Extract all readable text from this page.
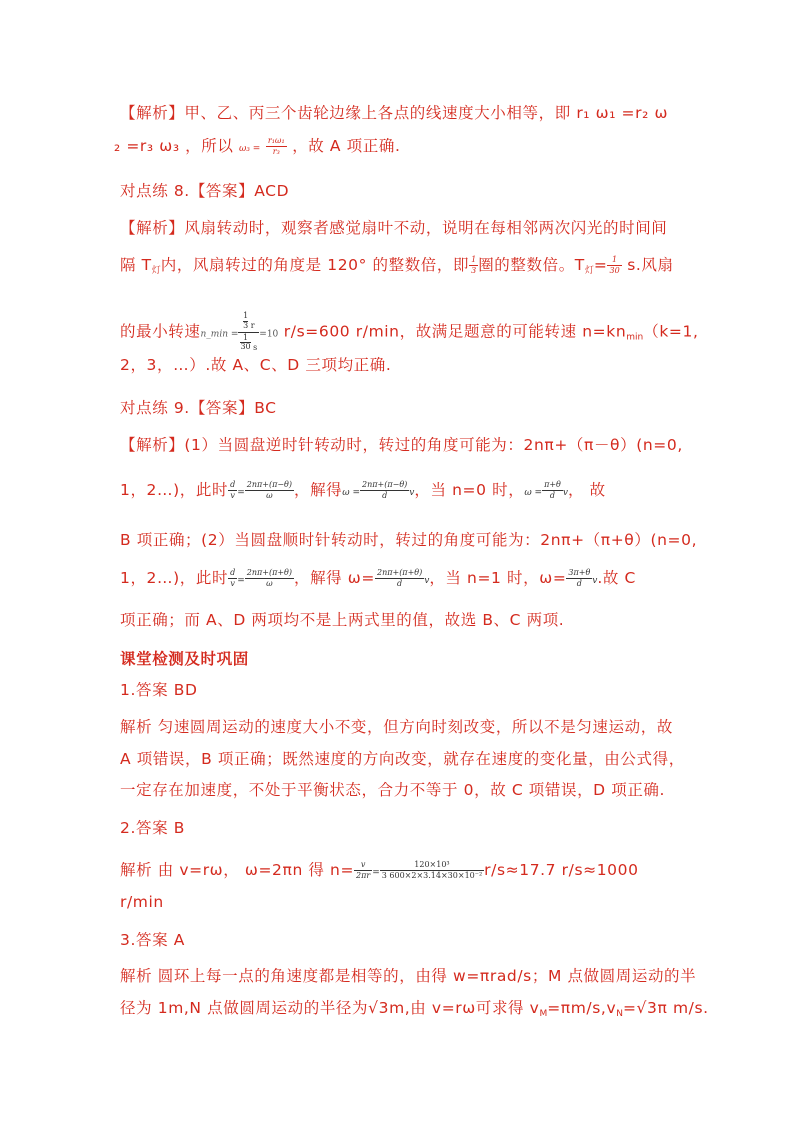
【解析】甲、乙、丙三个齿轮边缘上各点的线速度大小相等，即 r₁ ω₁ =r₂ ω
₂ =r₃ ω₃ ，所以 $\omega_3 = \frac{\text{r₁ω₁}}{\text{r₃}}$ ，故 A 项正确.
对点练 8.【答案】ACD
【解析】风扇转动时，观察者感觉扇叶不动，说明在每相邻两次闪光的时间间
隔 $T_灯$内，风扇转过的角度是 120° 的整数倍，即 $\frac{1}{3}$ 圈的整数倍。$T_灯= \frac{1}{30} s$.风扇
的最小转速n_min = $\frac{\frac{1}{3} r}{\frac{1}{30} s} =10$ r/s=600 r/min，故满足题意的可能转速 $n=kn_{min}(k=1$,
2，3，…）.故 A、C、D 三项均正确.
对点练 9.【答案】BC
【解析】(1）当圆盘逆时针转动时，转过的角度可能为：2nπ+（π－θ）(n=0,
1，2…)，此时 $\frac{d}{v} = \frac{2n\pi+(\pi-\theta)}{\omega}$ ，解得$\omega = \frac{2n\pi+(\pi-\theta)}{d}$ v，当 n=0 时，$\omega = \frac{\pi+\theta}{d}$ v， 故
B 项正确；(2）当圆盘顺时针转动时，转过的角度可能为：2nπ+（π+θ）(n=0,
1，2…)，此时 $\frac{d}{v} = \frac{2n\pi+(\pi+\theta)}{\omega}$ ，解得 $\omega= \frac{2n\pi+(\pi+\theta)}{d}$ v，当 n=1 时，$\omega= \frac{3\pi+\theta}{d} v$.故 C
项正确；而 A、D 两项均不是上两式里的值，故选 B、C 两项.
课堂检测及时巩固
1.答案 BD
解析 匀速圆周运动的速度大小不变，但方向时刻改变，所以不是匀速运动，故
A 项错误，B 项正确；既然速度的方向改变，就存在速度的变化量，由公式得，
一定存在加速度，不处于平衡状态，合力不等于 0，故 C 项错误，D 项正确.
2.答案 B
解析 由 v=rω， ω=2πn 得 $n= \frac{v}{2\pi r} = \frac{\text{120×10³}}{\text{3 600×2×3.14×30×10⁻²}} r/s\approx 17.7$ r/s≈1000
r/min
3.答案 A
解析 圆环上每一点的角速度都是相等的，由得 w=πrad/s；M 点做圆周运动的半
径为 1m,N 点做圆周运动的半径为√3m,由 v=rω可求得 $v_M=\pi m/s,v_N=√3\pi$ m/s.
